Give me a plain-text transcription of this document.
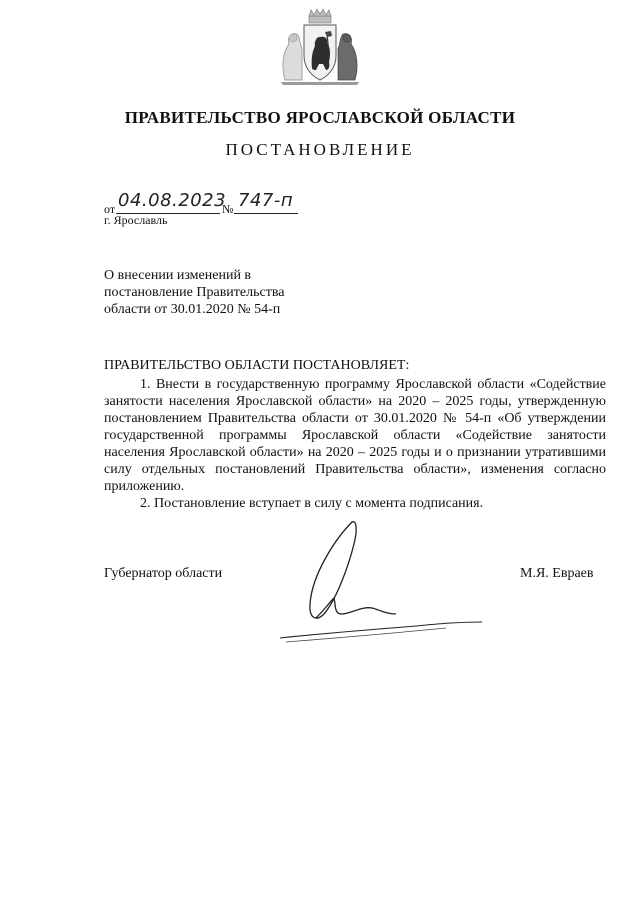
ПРАВИТЕЛЬСТВО ЯРОСЛАВСКОЙ ОБЛАСТИ
ПОСТАНОВЛЕНИЕ
от 04.08.2023
№ 747-п
г. Ярославль
О внесении изменений в
постановление Правительства
области от 30.01.2020 № 54-п
ПРАВИТЕЛЬСТВО ОБЛАСТИ ПОСТАНОВЛЯЕТ:

1. Внести в государственную программу Ярославской области «Содействие занятости населения Ярославской области» на 2020 – 2025 годы, утвержденную постановлением Правительства области от 30.01.2020 № 54-п «Об утверждении государственной программы Ярославской области «Содействие занятости населения Ярославской области» на 2020 – 2025 годы и о признании утратившими силу отдельных постановлений Правительства области», изменения согласно приложению.

2. Постановление вступает в силу с момента подписания.

Губернатор области	М.Я. Евраев
